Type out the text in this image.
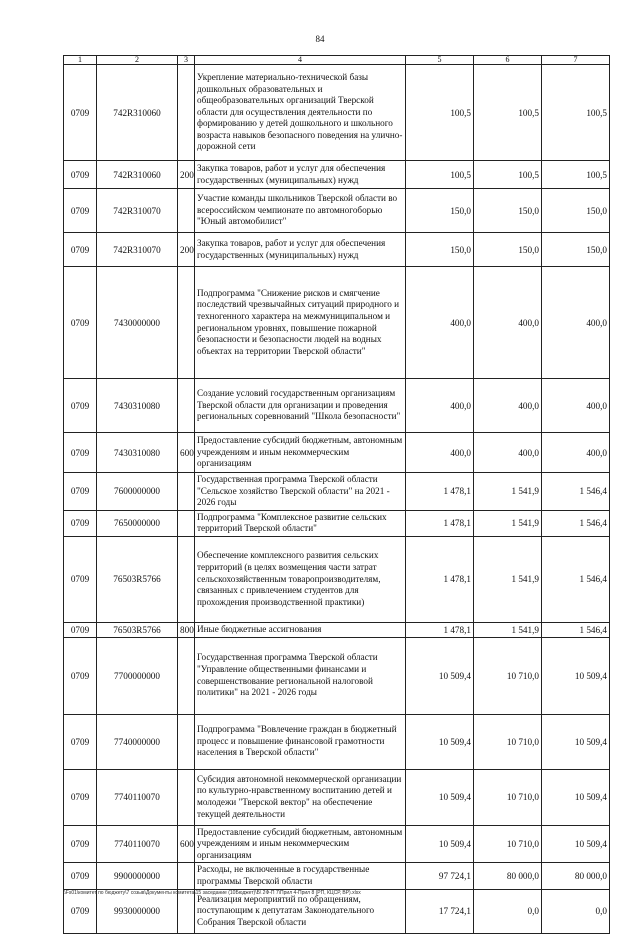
84
1	2	3	4	5	6	7
0709	742R310060		Укрепление материально-технической базы дошкольных образовательных и общеобразовательных организаций Тверской области для осуществления деятельности по формированию у детей дошкольного и школьного возраста навыков безопасного поведения на улично-дорожной сети	100,5	100,5	100,5
0709	742R310060	200	Закупка товаров, работ и услуг для обеспечения государственных (муниципальных) нужд	100,5	100,5	100,5
0709	742R310070		Участие команды школьников Тверской области во всероссийском чемпионате по автомногоборью "Юный автомобилист"	150,0	150,0	150,0
0709	742R310070	200	Закупка товаров, работ и услуг для обеспечения государственных (муниципальных) нужд	150,0	150,0	150,0
0709	7430000000		Подпрограмма "Снижение рисков и смягчение последствий чрезвычайных ситуаций природного и техногенного характера на межмуниципальном и региональном уровнях, повышение пожарной безопасности и безопасности людей на водных объектах на территории Тверской области"	400,0	400,0	400,0
0709	7430310080		Создание условий государственным организациям Тверской области для организации и проведения региональных соревнований "Школа безопасности"	400,0	400,0	400,0
0709	7430310080	600	Предоставление субсидий бюджетным, автономным учреждениям и иным некоммерческим организациям	400,0	400,0	400,0
0709	7600000000		Государственная программа Тверской области "Сельское хозяйство Тверской области" на 2021 - 2026 годы	1 478,1	1 541,9	1 546,4
0709	7650000000		Подпрограмма "Комплексное развитие сельских территорий Тверской области"	1 478,1	1 541,9	1 546,4
0709	76503R5766		Обеспечение комплексного развития сельских территорий (в целях возмещения части затрат сельскохозяйственным товаропроизводителям, связанных с привлечением студентов для прохождения производственной практики)	1 478,1	1 541,9	1 546,4
0709	76503R5766	800	Иные бюджетные ассигнования	1 478,1	1 541,9	1 546,4
0709	7700000000		Государственная программа Тверской области "Управление общественными финансами и совершенствование региональной налоговой политики" на 2021 - 2026 годы	10 509,4	10 710,0	10 509,4
0709	7740000000		Подпрограмма "Вовлечение граждан в бюджетный процесс и повышение финансовой грамотности населения в Тверской области"	10 509,4	10 710,0	10 509,4
0709	7740110070		Субсидия автономной некоммерческой организации по культурно-нравственному воспитанию детей и молодежи "Тверской вектор" на обеспечение текущей деятельности	10 509,4	10 710,0	10 509,4
0709	7740110070	600	Предоставление субсидий бюджетным, автономным учреждениям и иным некоммерческим организациям	10 509,4	10 710,0	10 509,4
0709	9900000000		Расходы, не включенные в государственные программы Тверской области	97 724,1	80 000,0	80 000,0
0709	9930000000		Реализация мероприятий по обращениям, поступающим к депутатам Законодательного Собрания Тверской области	17 724,1	0,0	0,0
\\Fs01\комитет по бюджету\7 созыв\Документы комитета\15 заседание (10Бюджет)\Б\ 2Ф-П 7\Прил 4-Прил 8 (РП, КЦСР, ВР).xlsx
